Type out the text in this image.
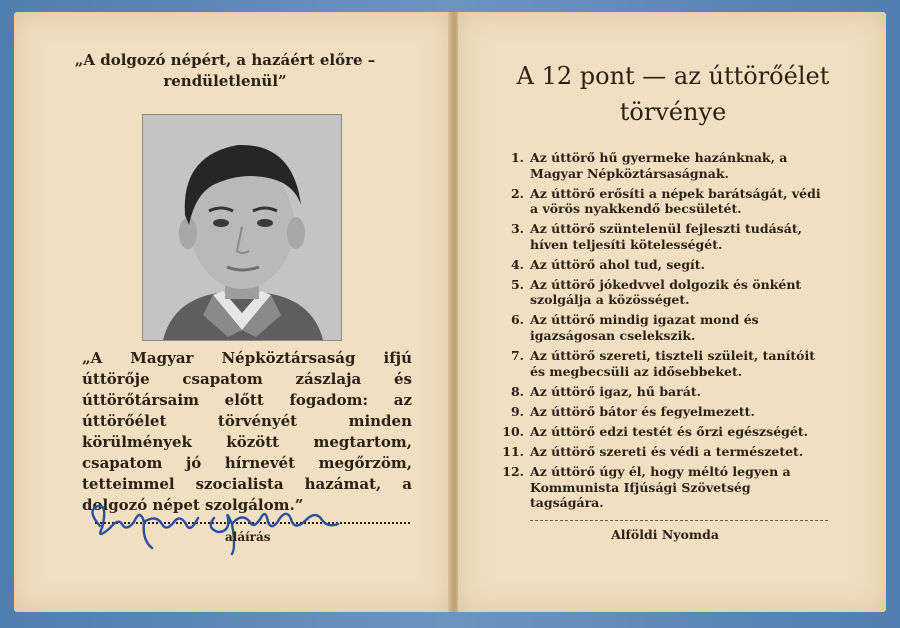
„A dolgozó népért, a hazáért előre – rendületlenül”
„A Magyar Népköztársaság ifjú úttörője csapatom zászlaja és úttörőtársaim előtt fogadom: az úttörőélet törvényét minden körülmények között megtartom, csapatom jó hírnevét megőrzöm, tetteimmel szocialista hazámat, a dolgozó népet szolgálom.”
aláírás
A 12 pont — az úttörőélet törvénye
1. Az úttörő hű gyermeke hazánknak, a Magyar Népköztársaságnak.
2. Az úttörő erősíti a népek barátságát, védi a vörös nyakkendő becsületét.
3. Az úttörő szüntelenül fejleszti tudását, híven teljesíti kötelességét.
4. Az úttörő ahol tud, segít.
5. Az úttörő jókedvvel dolgozik és önként szolgálja a közösséget.
6. Az úttörő mindig igazat mond és igazságosan cselekszik.
7. Az úttörő szereti, tiszteli szüleit, tanítóit és megbecsüli az idősebbeket.
8. Az úttörő igaz, hű barát.
9. Az úttörő bátor és fegyelmezett.
10. Az úttörő edzi testét és őrzi egészségét.
11. Az úttörő szereti és védi a természetet.
12. Az úttörő úgy él, hogy méltó legyen a Kommunista Ifjúsági Szövetség tagságára.
Alföldi Nyomda
